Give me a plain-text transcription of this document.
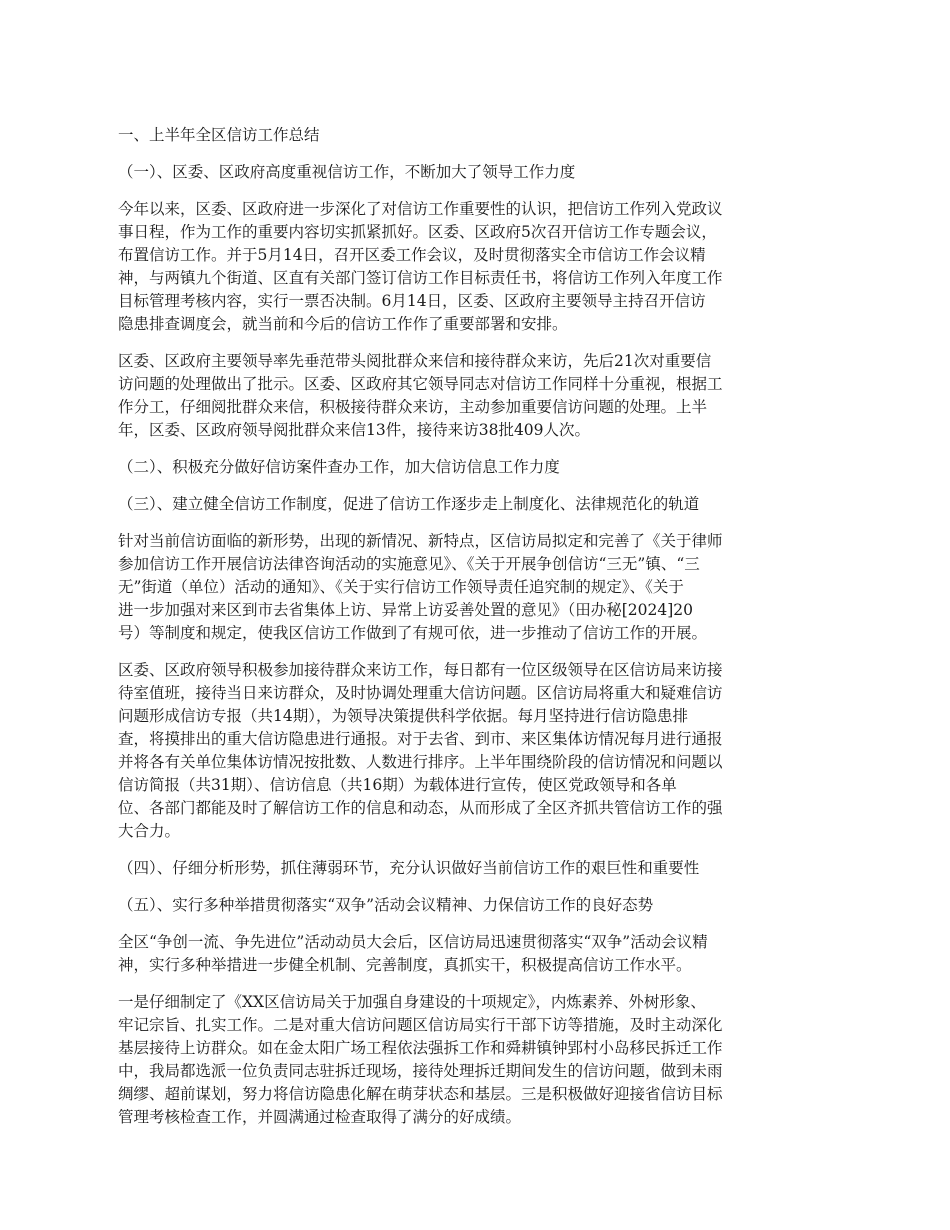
一、上半年全区信访工作总结

（一）、区委、区政府高度重视信访工作，不断加大了领导工作力度

今年以来，区委、区政府进一步深化了对信访工作重要性的认识，把信访工作列入党政议

事日程，作为工作的重要内容切实抓紧抓好。区委、区政府5次召开信访工作专题会议，

布置信访工作。并于5月14日，召开区委工作会议，及时贯彻落实全市信访工作会议精

神，与两镇九个街道、区直有关部门签订信访工作目标责任书，将信访工作列入年度工作

目标管理考核内容，实行一票否决制。6月14日，区委、区政府主要领导主持召开信访

隐患排查调度会，就当前和今后的信访工作作了重要部署和安排。

区委、区政府主要领导率先垂范带头阅批群众来信和接待群众来访，先后21次对重要信

访问题的处理做出了批示。区委、区政府其它领导同志对信访工作同样十分重视，根据工

作分工，仔细阅批群众来信，积极接待群众来访，主动参加重要信访问题的处理。上半

年，区委、区政府领导阅批群众来信13件，接待来访38批409人次。

（二）、积极充分做好信访案件查办工作，加大信访信息工作力度

（三）、建立健全信访工作制度，促进了信访工作逐步走上制度化、法律规范化的轨道

针对当前信访面临的新形势，出现的新情况、新特点，区信访局拟定和完善了《关于律师

参加信访工作开展信访法律咨询活动的实施意见》、《关于开展争创信访“三无”镇、“三

无”街道（单位）活动的通知》、《关于实行信访工作领导责任追究制的规定》、《关于

进一步加强对来区到市去省集体上访、异常上访妥善处置的意见》（田办秘[2024]20

号）等制度和规定，使我区信访工作做到了有规可依，进一步推动了信访工作的开展。

区委、区政府领导积极参加接待群众来访工作，每日都有一位区级领导在区信访局来访接

待室值班，接待当日来访群众，及时协调处理重大信访问题。区信访局将重大和疑难信访

问题形成信访专报（共14期），为领导决策提供科学依据。每月坚持进行信访隐患排

查，将摸排出的重大信访隐患进行通报。对于去省、到市、来区集体访情况每月进行通报

并将各有关单位集体访情况按批数、人数进行排序。上半年围绕阶段的信访情况和问题以

信访简报（共31期）、信访信息（共16期）为载体进行宣传，使区党政领导和各单

位、各部门都能及时了解信访工作的信息和动态，从而形成了全区齐抓共管信访工作的强

大合力。

（四）、仔细分析形势，抓住薄弱环节，充分认识做好当前信访工作的艰巨性和重要性

（五）、实行多种举措贯彻落实“双争”活动会议精神、力保信访工作的良好态势

全区“争创一流、争先进位”活动动员大会后，区信访局迅速贯彻落实“双争”活动会议精

神，实行多种举措进一步健全机制、完善制度，真抓实干，积极提高信访工作水平。

一是仔细制定了《XX区信访局关于加强自身建设的十项规定》，内炼素养、外树形象、

牢记宗旨、扎实工作。二是对重大信访问题区信访局实行干部下访等措施，及时主动深化

基层接待上访群众。如在金太阳广场工程依法强拆工作和舜耕镇钟郢村小岛移民拆迁工作

中，我局都选派一位负责同志驻拆迁现场，接待处理拆迁期间发生的信访问题，做到未雨

绸缪、超前谋划，努力将信访隐患化解在萌芽状态和基层。三是积极做好迎接省信访目标

管理考核检查工作，并圆满通过检查取得了满分的好成绩。
